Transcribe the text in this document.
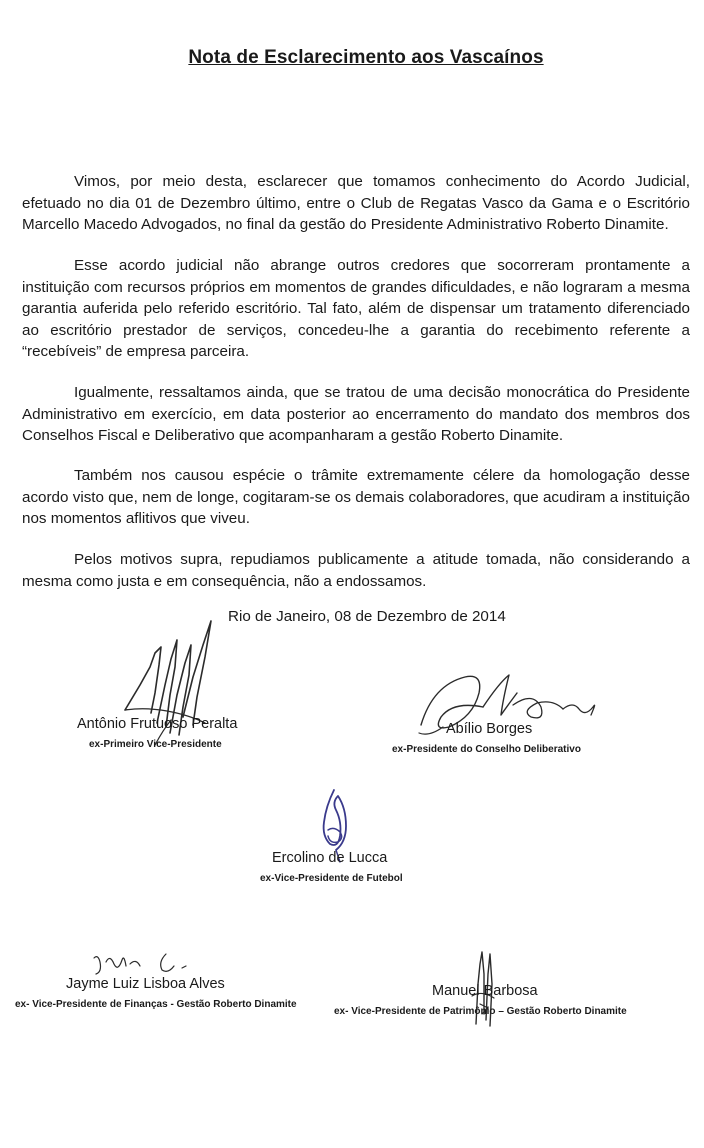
Nota de Esclarecimento aos Vascaínos

Vimos, por meio desta, esclarecer que tomamos conhecimento do Acordo Judicial, efetuado no dia 01 de Dezembro último, entre o Club de Regatas Vasco da Gama e o Escritório Marcello Macedo Advogados, no final da gestão do Presidente Administrativo Roberto Dinamite.

Esse acordo judicial não abrange outros credores que socorreram prontamente a instituição com recursos próprios em momentos de grandes dificuldades, e não lograram a mesma garantia auferida pelo referido escritório. Tal fato, além de dispensar um tratamento diferenciado ao escritório prestador de serviços, concedeu-lhe a garantia do recebimento referente a “recebíveis” de empresa parceira.

Igualmente, ressaltamos ainda, que se tratou de uma decisão monocrática do Presidente Administrativo em exercício, em data posterior ao encerramento do mandato dos membros dos Conselhos Fiscal e Deliberativo que acompanharam a gestão Roberto Dinamite.

Também nos causou espécie o trâmite extremamente célere da homologação desse acordo visto que, nem de longe, cogitaram-se os demais colaboradores, que acudiram a instituição nos momentos aflitivos que viveu.

Pelos motivos supra, repudiamos publicamente a atitude tomada, não considerando a mesma como justa e em consequência, não a endossamos.

Rio de Janeiro, 08 de Dezembro de 2014
Antônio Frutuoso Peralta
ex-Primeiro Vice-Presidente
Abílio Borges
ex-Presidente do Conselho Deliberativo
Ercolino de Lucca
ex-Vice-Presidente de Futebol
Jayme Luiz Lisboa Alves
ex- Vice-Presidente de Finanças - Gestão Roberto Dinamite
Manuel Barbosa
ex- Vice-Presidente de Patrimônio – Gestão Roberto Dinamite
